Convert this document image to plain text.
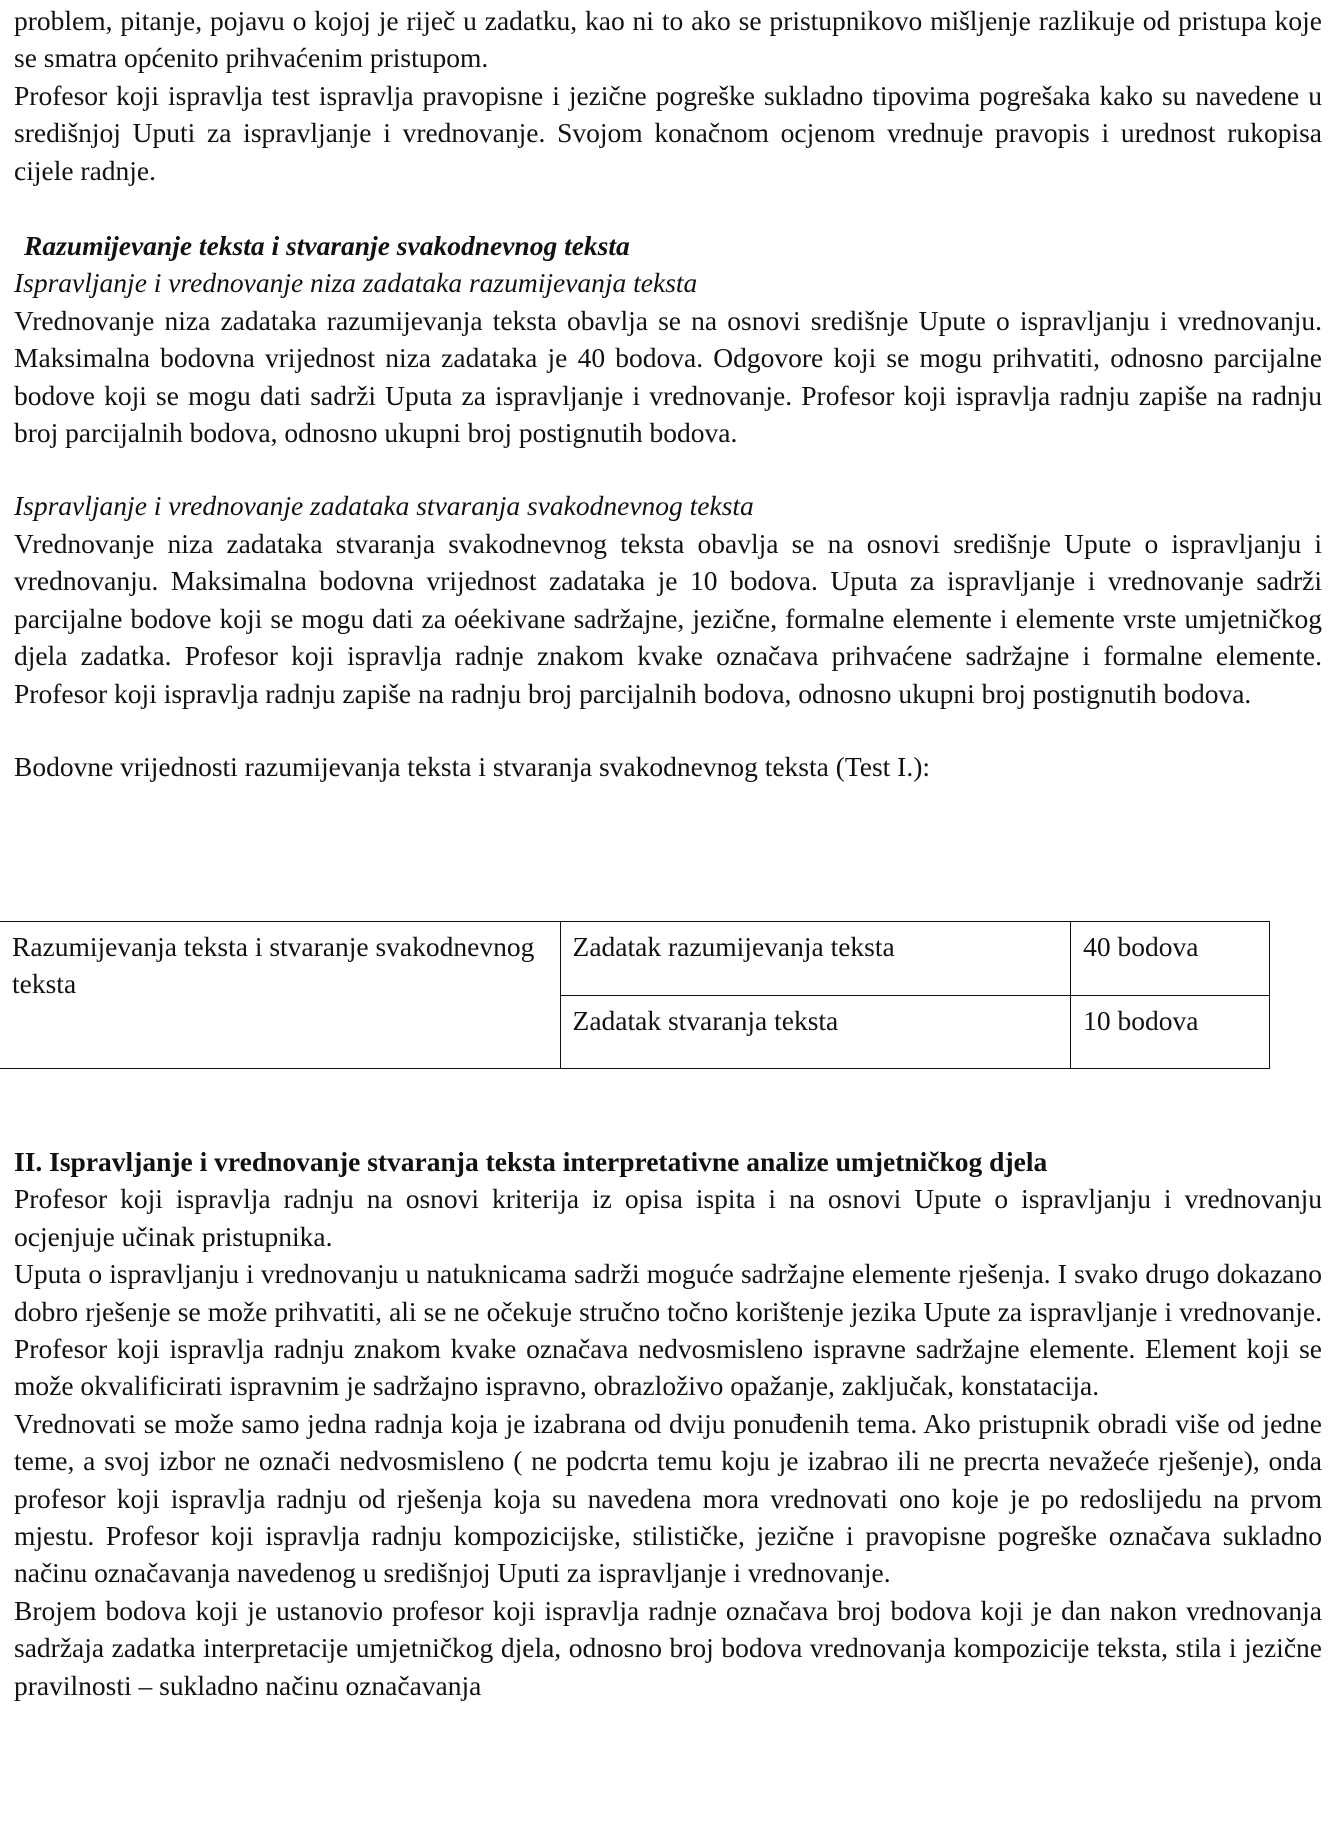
problem, pitanje, pojavu o kojoj je riječ u zadatku, kao ni to ako se pristupnikovo mišljenje razlikuje od pristupa koje se smatra općenito prihvaćenim pristupom.

Profesor koji ispravlja test ispravlja pravopisne i jezične pogreške sukladno tipovima pogrešaka kako su navedene u središnjoj Uputi za ispravljanje i vrednovanje. Svojom konačnom ocjenom vrednuje pravopis i urednost rukopisa cijele radnje.

Razumijevanje teksta i stvaranje svakodnevnog teksta

Ispravljanje i vrednovanje niza zadataka razumijevanja teksta

Vrednovanje niza zadataka razumijevanja teksta obavlja se na osnovi središnje Upute o ispravljanju i vrednovanju. Maksimalna bodovna vrijednost niza zadataka je 40 bodova. Odgovore koji se mogu prihvatiti, odnosno parcijalne bodove koji se mogu dati sadrži Uputa za ispravljanje i vrednovanje. Profesor koji ispravlja radnju zapiše na radnju broj parcijalnih bodova, odnosno ukupni broj postignutih bodova.

Ispravljanje i vrednovanje zadataka stvaranja svakodnevnog teksta

Vrednovanje niza zadataka stvaranja svakodnevnog teksta obavlja se na osnovi središnje Upute o ispravljanju i vrednovanju. Maksimalna bodovna vrijednost zadataka je 10 bodova. Uputa za ispravljanje i vrednovanje sadrži parcijalne bodove koji se mogu dati za oéekivane sadržajne, jezične, formalne elemente i elemente vrste umjetničkog djela zadatka. Profesor koji ispravlja radnje znakom kvake označava prihvaćene sadržajne i formalne elemente. Profesor koji ispravlja radnju zapiše na radnju broj parcijalnih bodova, odnosno ukupni broj postignutih bodova.

Bodovne vrijednosti razumijevanja teksta i stvaranja svakodnevnog teksta (Test I.):

Razumijevanja teksta i stvaranje svakodnevnog teksta	Zadatak razumijevanja teksta	40 bodova
	Zadatak stvaranja teksta	10 bodova

II. Ispravljanje i vrednovanje stvaranja teksta interpretativne analize umjetničkog djela

Profesor koji ispravlja radnju na osnovi kriterija iz opisa ispita i na osnovi Upute o ispravljanju i vrednovanju ocjenjuje učinak pristupnika.

Uputa o ispravljanju i vrednovanju u natuknicama sadrži moguće sadržajne elemente rješenja. I svako drugo dokazano dobro rješenje se može prihvatiti, ali se ne očekuje stručno točno korištenje jezika Upute za ispravljanje i vrednovanje. Profesor koji ispravlja radnju znakom kvake označava nedvosmisleno ispravne sadržajne elemente. Element koji se može okvalificirati ispravnim je sadržajno ispravno, obrazloživo opažanje, zaključak, konstatacija.

Vrednovati se može samo jedna radnja koja je izabrana od dviju ponuđenih tema. Ako pristupnik obradi više od jedne teme, a svoj izbor ne označi nedvosmisleno ( ne podcrta temu koju je izabrao ili ne precrta nevažeće rješenje), onda profesor koji ispravlja radnju od rješenja koja su navedena mora vrednovati ono koje je po redoslijedu na prvom mjestu. Profesor koji ispravlja radnju kompozicijske, stilističke, jezične i pravopisne pogreške označava sukladno načinu označavanja navedenog u središnjoj Uputi za ispravljanje i vrednovanje.

Brojem bodova koji je ustanovio profesor koji ispravlja radnje označava broj bodova koji je dan nakon vrednovanja sadržaja zadatka interpretacije umjetničkog djela, odnosno broj bodova vrednovanja kompozicije teksta, stila i jezične pravilnosti – sukladno načinu označavanja
